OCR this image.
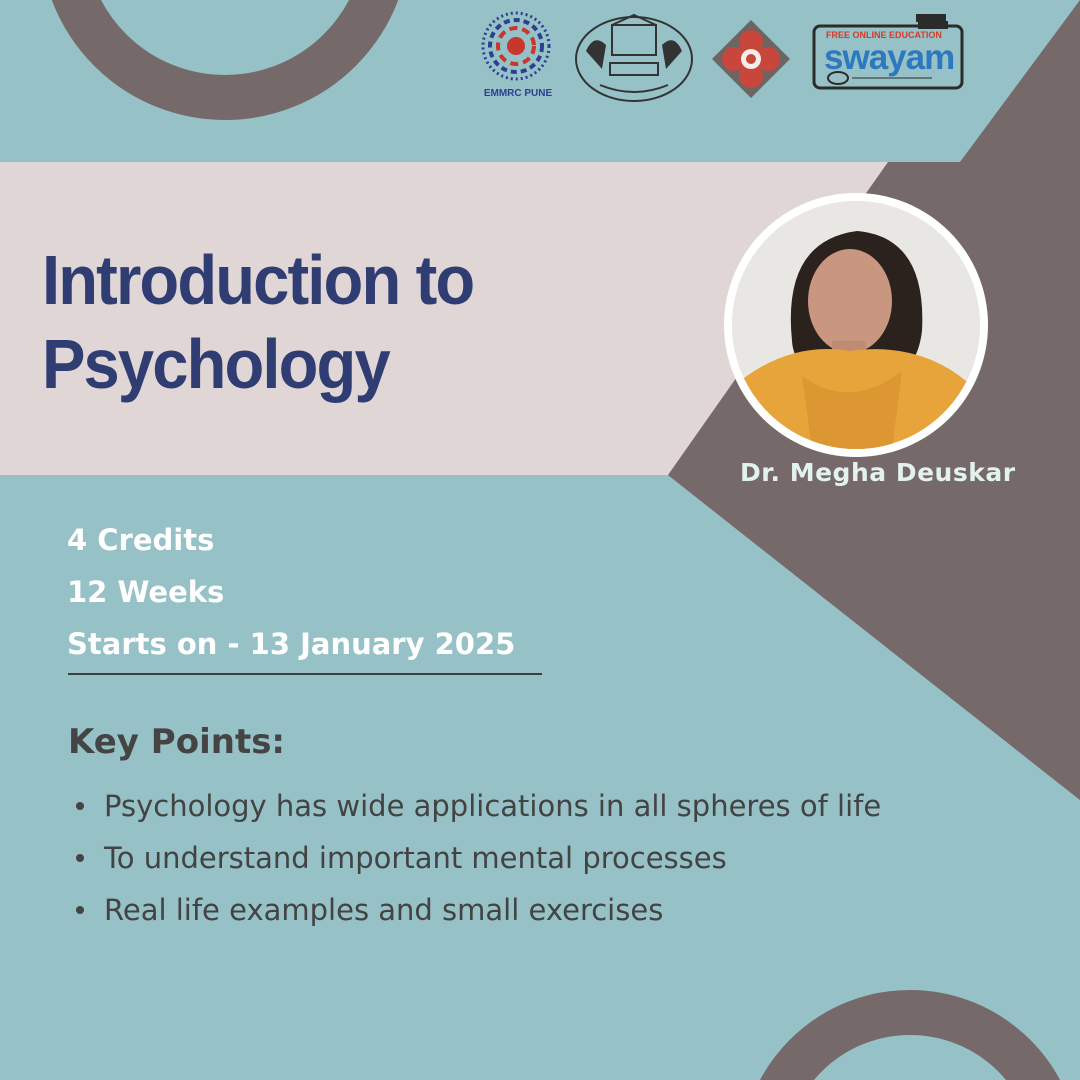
EMMRC PUNE
FREE ONLINE EDUCATION
swayam
Introduction to
Psychology
Dr. Megha Deuskar
4 Credits
12 Weeks
Starts on - 13 January 2025
Key Points:
Psychology has wide applications in all spheres of life
To understand important mental processes
Real life examples and small exercises
